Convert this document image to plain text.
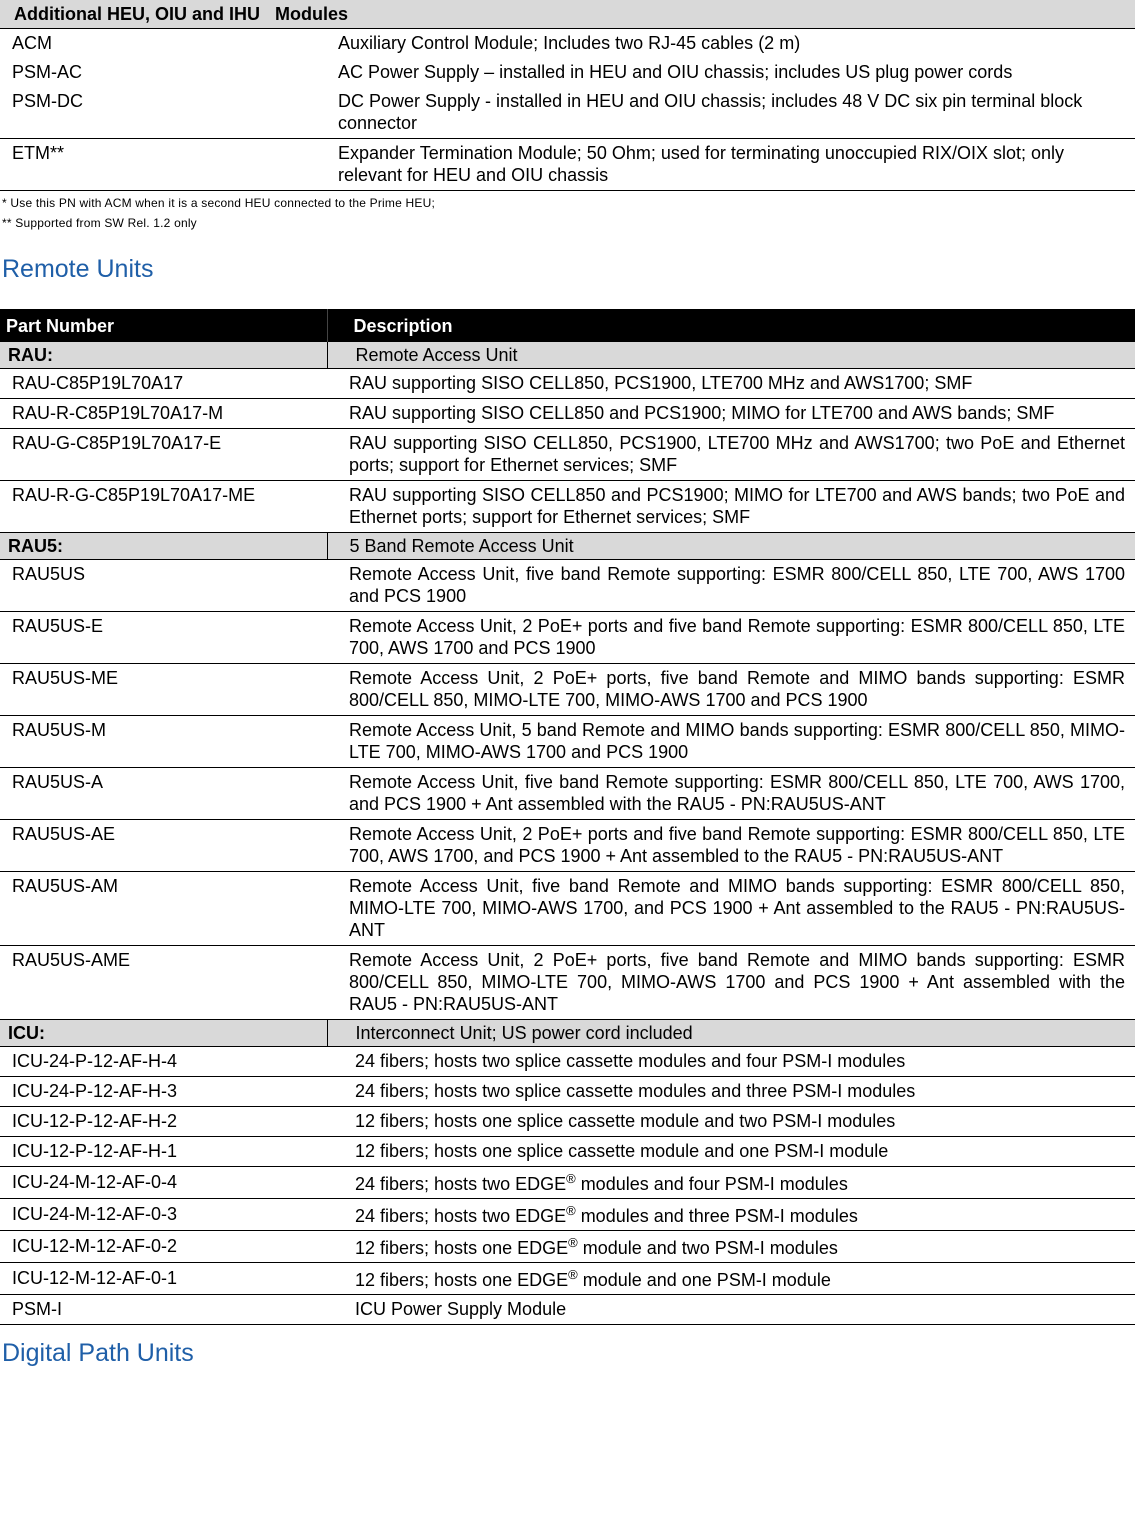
Additional HEU, OIU and IHU   Modules	
ACM	Auxiliary Control Module; Includes two RJ-45 cables (2 m)
PSM-AC	AC Power Supply – installed in HEU and OIU chassis; includes US plug power cords
PSM-DC	DC Power Supply - installed in HEU and OIU chassis; includes 48 V DC six pin terminal block connector
ETM**	Expander Termination Module; 50 Ohm; used for terminating unoccupied RIX/OIX slot; only relevant for HEU and OIU chassis
* Use this PN with ACM when it is a second HEU connected to the Prime HEU;
** Supported from SW Rel. 1.2 only
Remote Units
Part Number	Description
RAU:	Remote Access Unit
RAU-C85P19L70A17	RAU supporting SISO CELL850, PCS1900, LTE700 MHz and AWS1700; SMF
RAU-R-C85P19L70A17-M	RAU supporting SISO CELL850 and PCS1900; MIMO for LTE700 and AWS bands; SMF
RAU-G-C85P19L70A17-E	RAU supporting SISO CELL850, PCS1900, LTE700 MHz and AWS1700; two PoE and Ethernet ports; support for Ethernet services; SMF
RAU-R-G-C85P19L70A17-ME	RAU supporting SISO CELL850 and PCS1900; MIMO for LTE700 and AWS bands; two PoE and Ethernet ports; support for Ethernet services; SMF
RAU5:	5 Band Remote Access Unit
RAU5US	Remote Access Unit, five band Remote supporting: ESMR 800/CELL 850, LTE 700, AWS 1700 and PCS 1900
RAU5US-E	Remote Access Unit, 2 PoE+ ports and five band Remote supporting: ESMR 800/CELL 850, LTE 700, AWS 1700 and PCS 1900
RAU5US-ME	Remote Access Unit, 2 PoE+ ports, five band Remote and MIMO bands supporting: ESMR 800/CELL 850, MIMO-LTE 700, MIMO-AWS 1700 and PCS 1900
RAU5US-M	Remote Access Unit, 5 band Remote and MIMO bands supporting: ESMR 800/CELL 850, MIMO-LTE 700, MIMO-AWS 1700 and PCS 1900
RAU5US-A	Remote Access Unit, five band Remote supporting: ESMR 800/CELL 850, LTE 700, AWS 1700, and PCS 1900 + Ant assembled with the RAU5 - PN:RAU5US-ANT
RAU5US-AE	Remote Access Unit, 2 PoE+ ports and five band Remote supporting: ESMR 800/CELL 850, LTE 700, AWS 1700, and PCS 1900 + Ant assembled to the RAU5 - PN:RAU5US-ANT
RAU5US-AM	Remote Access Unit, five band Remote and MIMO bands supporting: ESMR 800/CELL 850, MIMO-LTE 700, MIMO-AWS 1700, and PCS 1900 + Ant assembled to the RAU5 - PN:RAU5US-ANT
RAU5US-AME	Remote Access Unit, 2 PoE+ ports, five band Remote and MIMO bands supporting: ESMR 800/CELL 850, MIMO-LTE 700, MIMO-AWS 1700 and PCS 1900 + Ant assembled with the RAU5 - PN:RAU5US-ANT
ICU:	Interconnect Unit; US power cord included
ICU-24-P-12-AF-H-4	24 fibers; hosts two splice cassette modules and four PSM-I modules
ICU-24-P-12-AF-H-3	24 fibers; hosts two splice cassette modules and three PSM-I modules
ICU-12-P-12-AF-H-2	12 fibers; hosts one splice cassette module and two PSM-I modules
ICU-12-P-12-AF-H-1	12 fibers; hosts one splice cassette module and one PSM-I module
ICU-24-M-12-AF-0-4	24 fibers; hosts two EDGE® modules and four PSM-I modules
ICU-24-M-12-AF-0-3	24 fibers; hosts two EDGE® modules and three PSM-I modules
ICU-12-M-12-AF-0-2	12 fibers; hosts one EDGE® module and two PSM-I modules
ICU-12-M-12-AF-0-1	12 fibers; hosts one EDGE® module and one PSM-I module
PSM-I	ICU Power Supply Module
Digital Path Units
